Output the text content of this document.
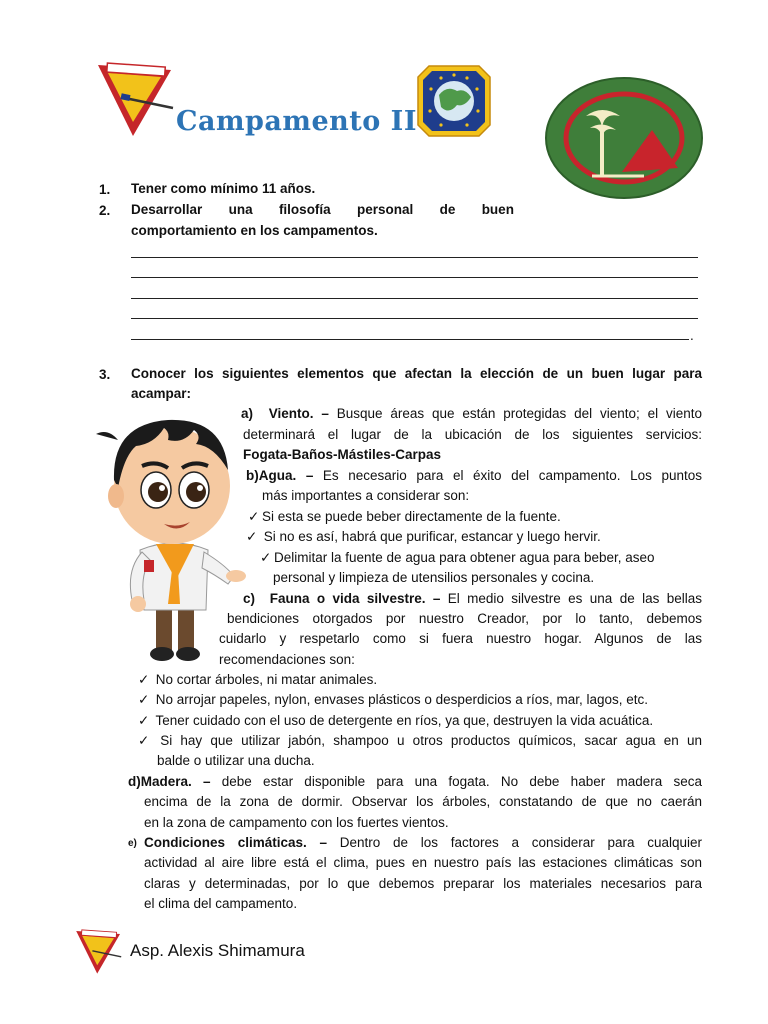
Campamento II
1. Tener como mínimo 11 años.
2. Desarrollar una filosofía personal de buen
comportamiento en los campamentos.
.
3. Conocer los siguientes elementos que afectan la elección de un buen lugar para
acampar:
a) Viento. – Busque áreas que están protegidas del viento; el viento
determinará el lugar de la ubicación de los siguientes servicios:
Fogata-Baños-Mástiles-Carpas
b)Agua. – Es necesario para el éxito del campamento. Los puntos
más importantes a considerar son:
✓ Si esta se puede beber directamente de la fuente.
✓ Si no es así, habrá que purificar, estancar y luego hervir.
✓ Delimitar la fuente de agua para obtener agua para beber, aseo
personal y limpieza de utensilios personales y cocina.
c) Fauna o vida silvestre. – El medio silvestre es una de las bellas
bendiciones otorgados por nuestro Creador, por lo tanto, debemos
cuidarlo y respetarlo como si fuera nuestro hogar. Algunos de las
recomendaciones son:
✓ No cortar árboles, ni matar animales.
✓ No arrojar papeles, nylon, envases plásticos o desperdicios a ríos, mar, lagos, etc.
✓ Tener cuidado con el uso de detergente en ríos, ya que, destruyen la vida acuática.
✓ Si hay que utilizar jabón, shampoo u otros productos químicos, sacar agua en un
balde o utilizar una ducha.
d)Madera. – debe estar disponible para una fogata. No debe haber madera seca
encima de la zona de dormir. Observar los árboles, constatando de que no caerán
en la zona de campamento con los fuertes vientos.
e) Condiciones climáticas. – Dentro de los factores a considerar para cualquier
actividad al aire libre está el clima, pues en nuestro país las estaciones climáticas son
claras y determinadas, por lo que debemos preparar los materiales necesarios para
el clima del campamento.
Asp. Alexis Shimamura
